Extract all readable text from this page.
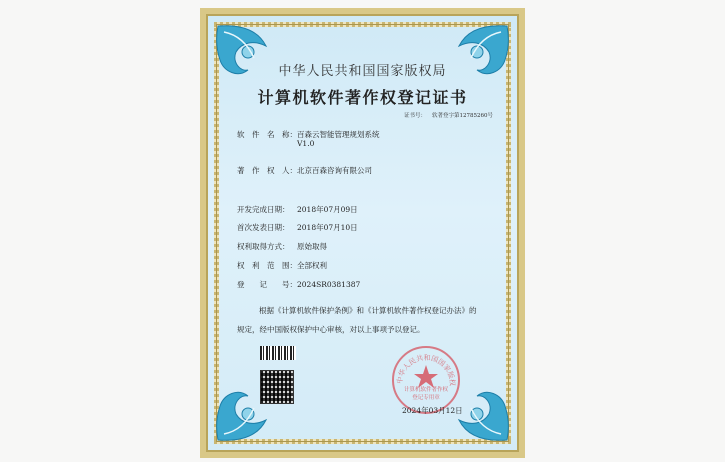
中华人民共和国国家版权局
计算机软件著作权登记证书
证书号： 软著登字第12785260号
软　件　名　称：百森云智能管理规划系统
V1.0
著　作　权　人：北京百森咨询有限公司
开发完成日期： 2018年07月09日
首次发表日期： 2018年07月10日
权利取得方式： 原始取得
权　利　范　围：全部权利
登　　记　　号：2024SR0381387
根据《计算机软件保护条例》和《计算机软件著作权登记办法》的
规定，经中国版权保护中心审核，对以上事项予以登记。
中华人民共和国国家版权
计算机软件著作权
登记专用章
2024年03月12日
